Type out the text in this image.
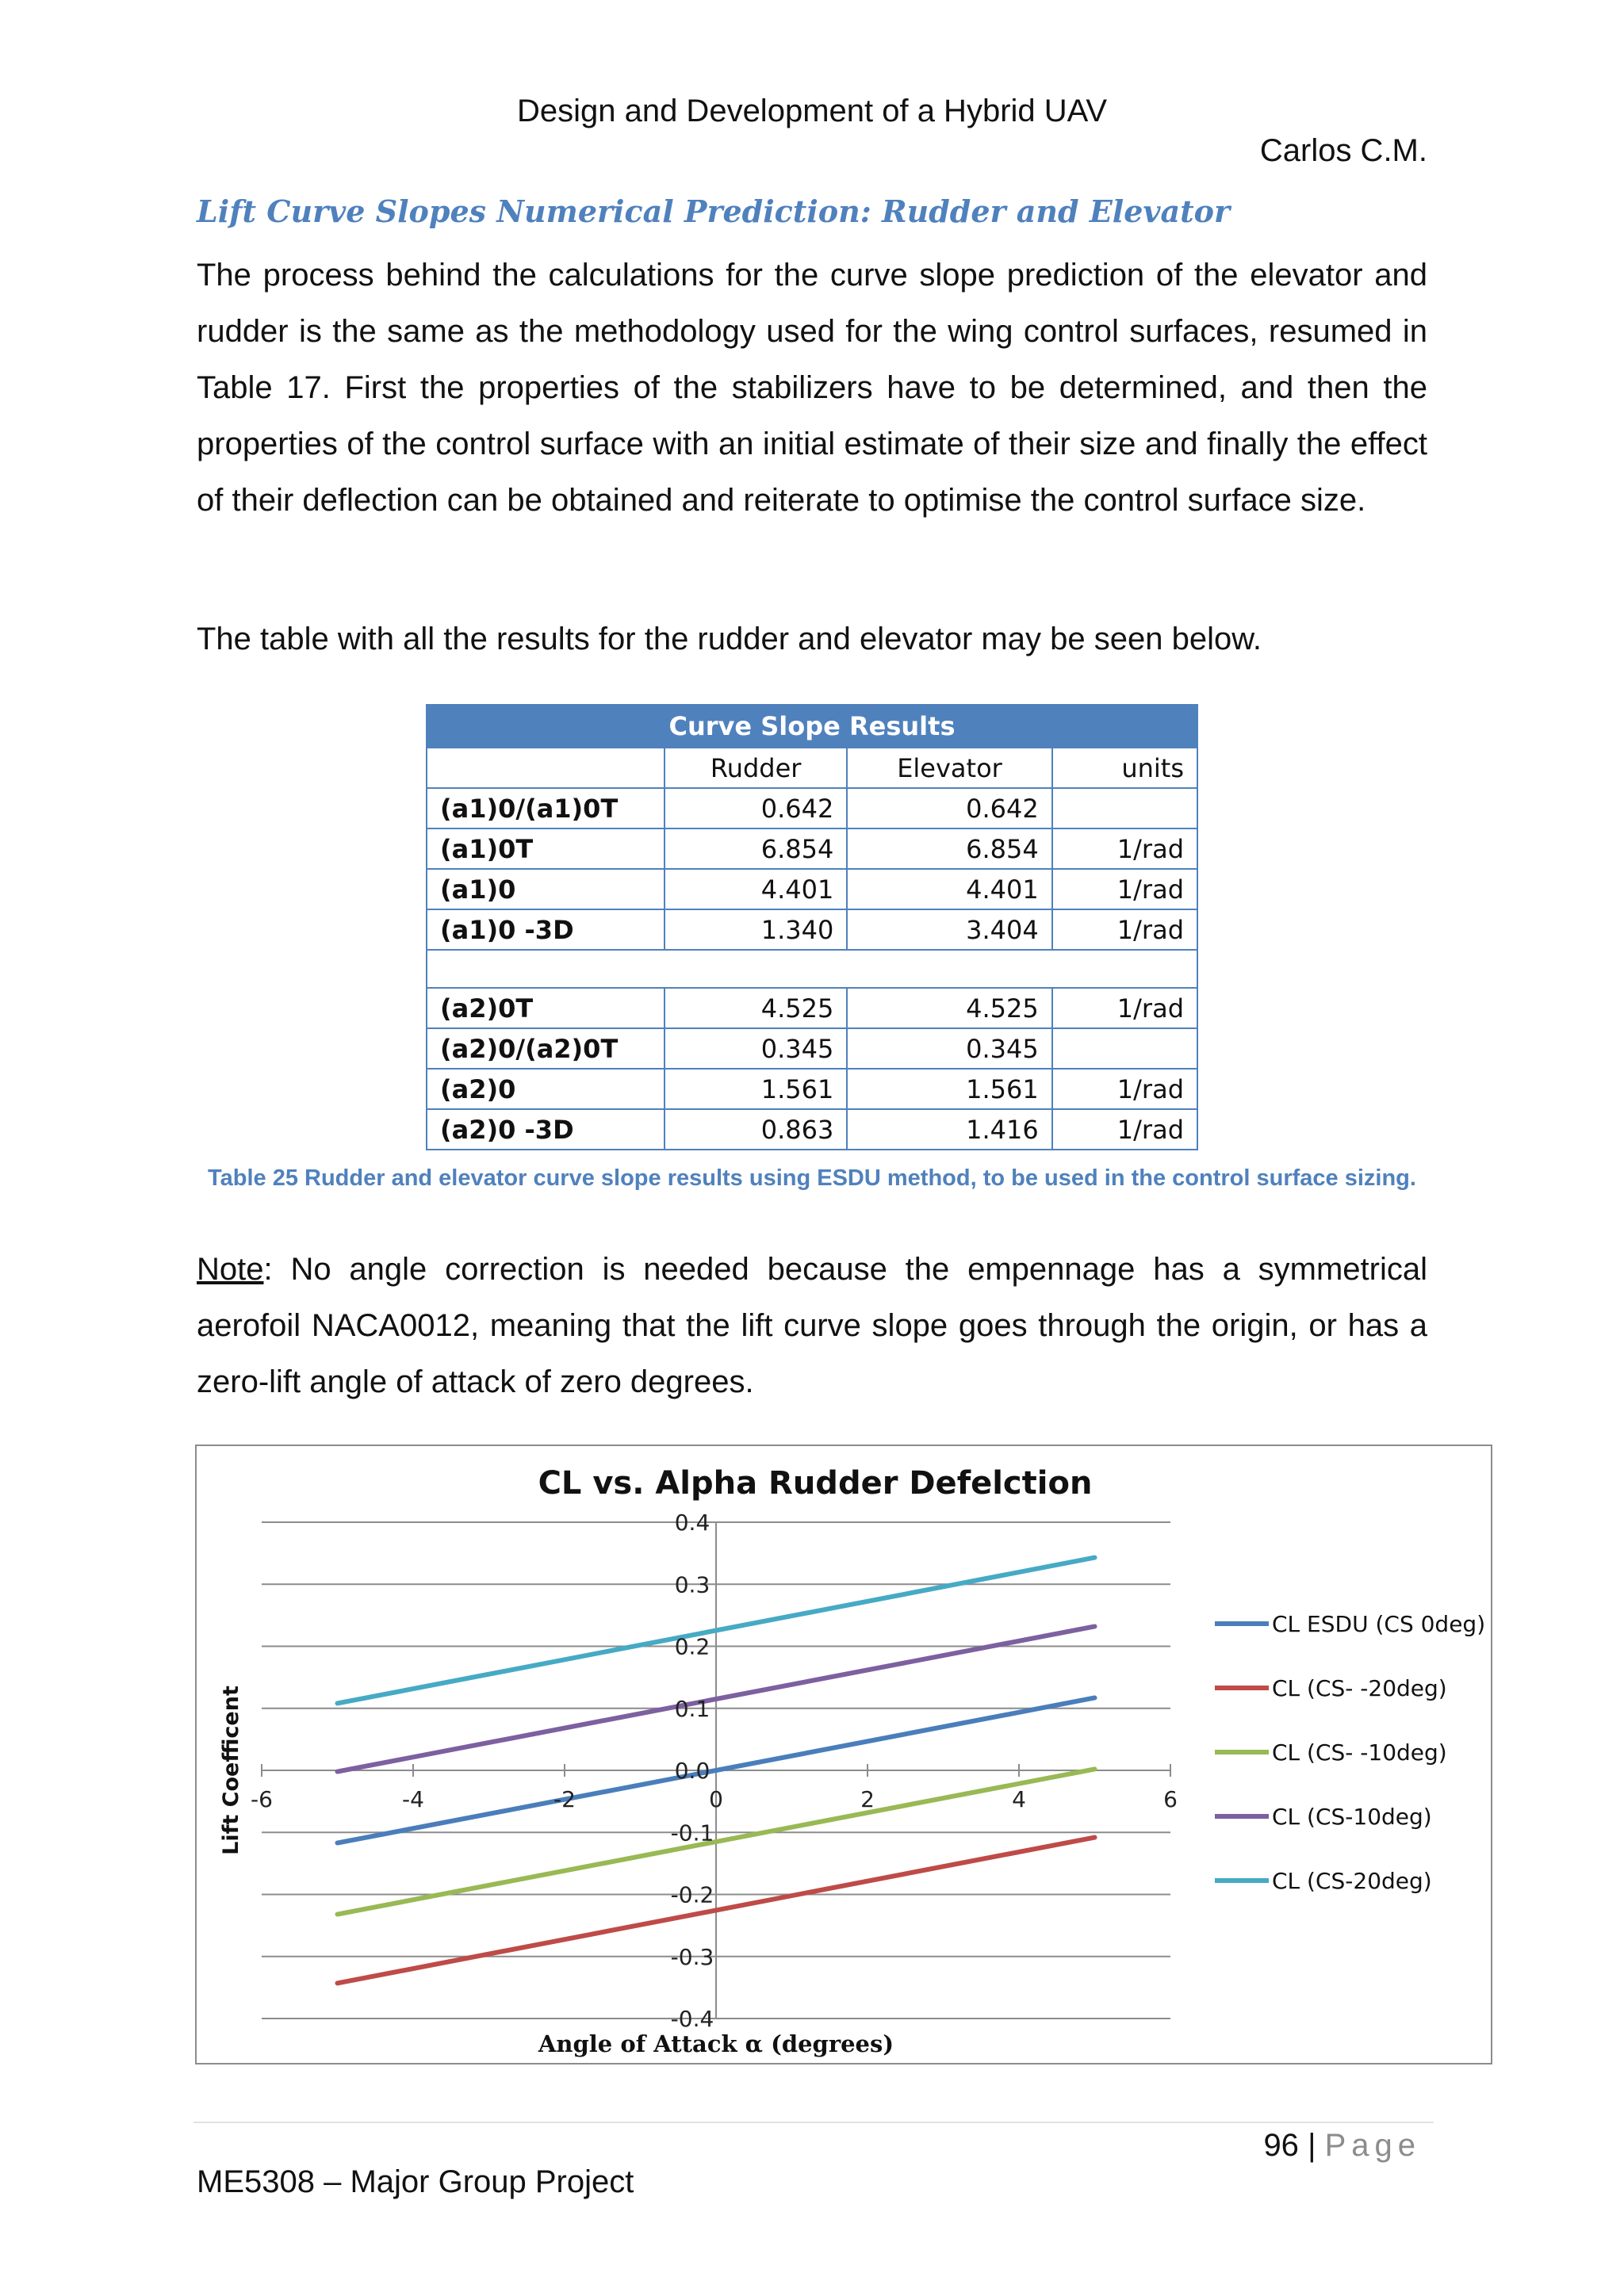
Design and Development of a Hybrid UAV
Carlos C.M.
Lift Curve Slopes Numerical Prediction: Rudder and Elevator
The process behind the calculations for the curve slope prediction of the elevator and rudder is the same as the methodology used for the wing control surfaces, resumed in Table 17. First the properties of the stabilizers have to be determined, and then the properties of the control surface with an initial estimate of their size and finally the effect of their deflection can be obtained and reiterate to optimise the control surface size.
The table with all the results for the rudder and elevator may be seen below.
Curve Slope Results			
	Rudder	Elevator	units
(a1)0/(a1)0T	0.642	0.642	
(a1)0T	6.854	6.854	1/rad
(a1)0	4.401	4.401	1/rad
(a1)0 -3D	1.340	3.404	1/rad

(a2)0T	4.525	4.525	1/rad
(a2)0/(a2)0T	0.345	0.345	
(a2)0	1.561	1.561	1/rad
(a2)0 -3D	0.863	1.416	1/rad
Table 25 Rudder and elevator curve slope results using ESDU method, to be used in the control surface sizing.
Note: No angle correction is needed because the empennage has a symmetrical aerofoil NACA0012, meaning that the lift curve slope goes through the origin, or has a zero-lift angle of attack of zero degrees.
-0.4
-0.3
-0.2
-0.1
0.0
0.1
0.2
0.3
0.4
-6	-4	-2	0	2	4	6
CL vs. Alpha Rudder Defelction
Angle of Attack α (degrees)
Lift Coefficent
CL ESDU (CS 0deg)
CL (CS- -20deg)
CL (CS- -10deg)
CL (CS-10deg)
CL (CS-20deg)
96 | Page
ME5308 – Major Group Project
